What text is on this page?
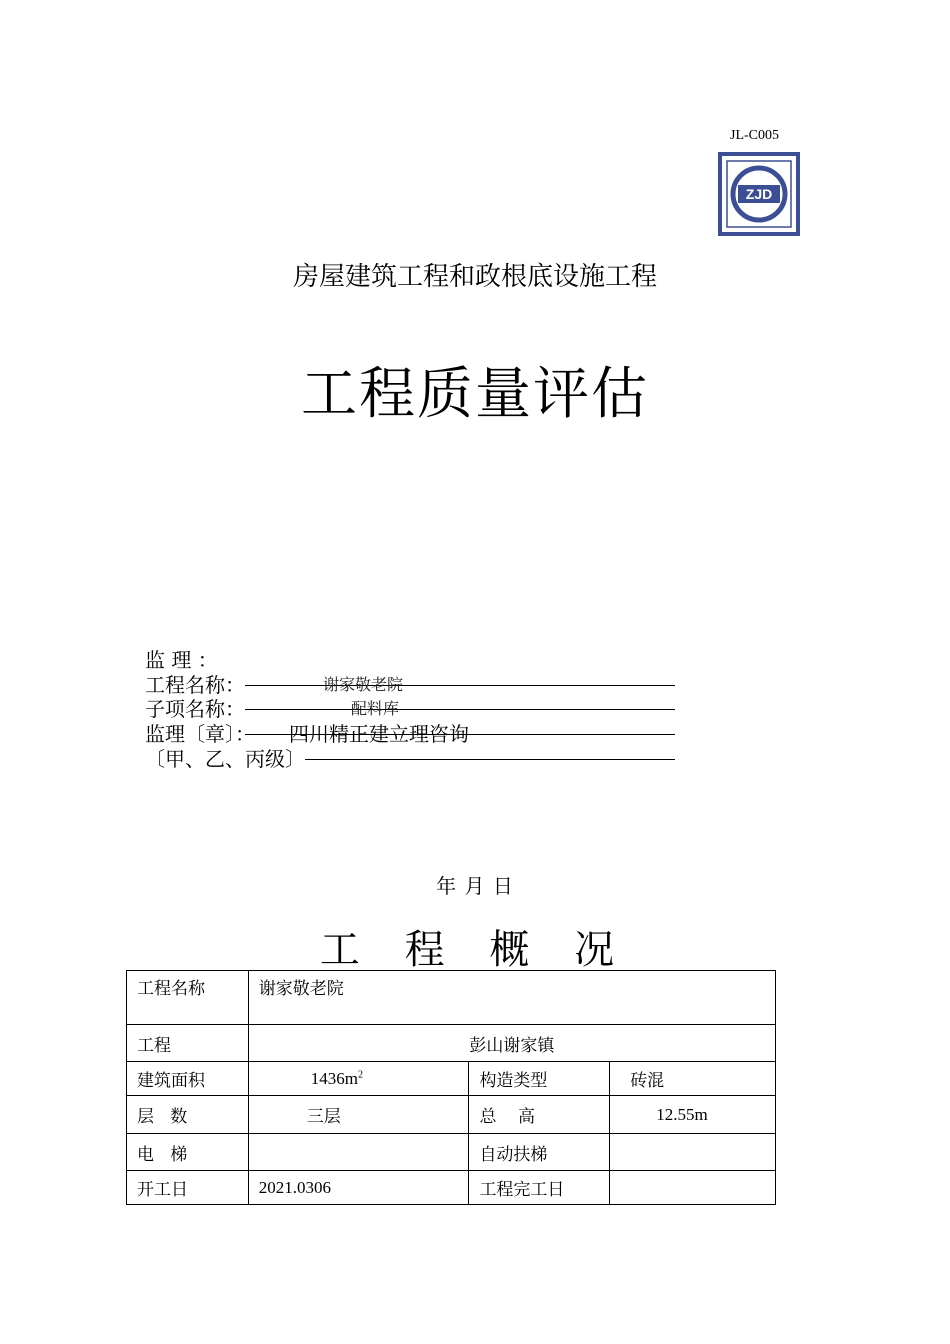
JL-C005
ZJD
房屋建筑工程和政根底设施工程
工程质量评估
监 理 ：
工程名称：	谢家敬老院
子项名称：	配料库
监理〔章〕： 四川精正建立理咨询
〔甲、乙、丙级〕
年 月 日
工 程 概 况
工程名称	谢家敬老院		
工程	彭山谢家镇		
建筑面积	$1436m^2$	构造类型	砖混
层   数	三层	总    高	12.55m
电   梯		自动扶梯	
开工日	2021.0306	工程完工日	
